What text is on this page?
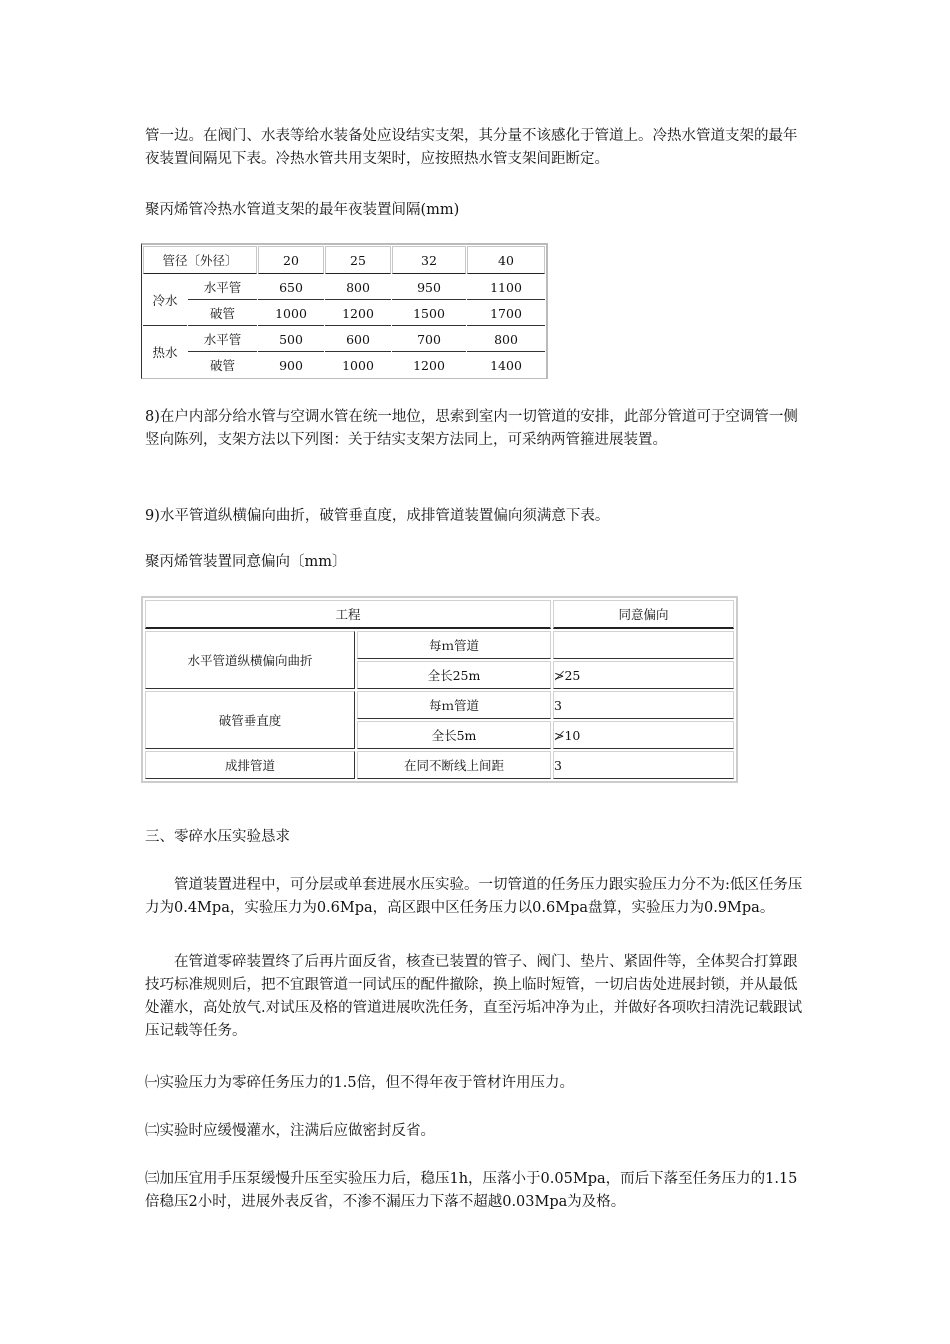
管一边。在阀门、水表等给水装备处应设结实支架，其分量不该感化于管道上。冷热水管道支架的最年夜装置间隔见下表。冷热水管共用支架时，应按照热水管支架间距断定。

聚丙烯管冷热水管道支架的最年夜装置间隔(mm)

管径〔外径〕		20	25	32	40
冷水	水平管	650	800	950	1100
	破管	1000	1200	1500	1700
热水	水平管	500	600	700	800
	破管	900	1000	1200	1400

8)在户内部分给水管与空调水管在统一地位，思索到室内一切管道的安排，此部分管道可于空调管一侧竖向陈列，支架方法以下列图：关于结实支架方法同上，可采纳两管箍进展装置。

9)水平管道纵横偏向曲折，破管垂直度，成排管道装置偏向须满意下表。

聚丙烯管装置同意偏向〔mm〕

工程		同意偏向
水平管道纵横偏向曲折	每ｍ管道	
	全长25m	≯25
破管垂直度	每ｍ管道	3
	全长5m	≯10
成排管道	在同不断线上间距	3

三、零碎水压实验恳求

管道装置进程中，可分层或单套进展水压实验。一切管道的任务压力跟实验压力分不为:低区任务压力为0.4Mpa，实验压力为0.6Mpa，高区跟中区任务压力以0.6Mpa盘算，实验压力为0.9Mpa。

在管道零碎装置终了后再片面反省，核查已装置的管子、阀门、垫片、紧固件等，全体契合打算跟技巧标准规则后，把不宜跟管道一同试压的配件撤除，换上临时短管，一切启齿处进展封锁，并从最低处灌水，高处放气.对试压及格的管道进展吹洗任务，直至污垢冲净为止，并做好各项吹扫清洗记载跟试压记载等任务。

㈠实验压力为零碎任务压力的1.5倍，但不得年夜于管材许用压力。

㈡实验时应缓慢灌水，注满后应做密封反省。

㈢加压宜用手压泵缓慢升压至实验压力后，稳压1h，压落小于0.05Mpa，而后下落至任务压力的1.15倍稳压2小时，进展外表反省，不渗不漏压力下落不超越0.03Mpa为及格。
